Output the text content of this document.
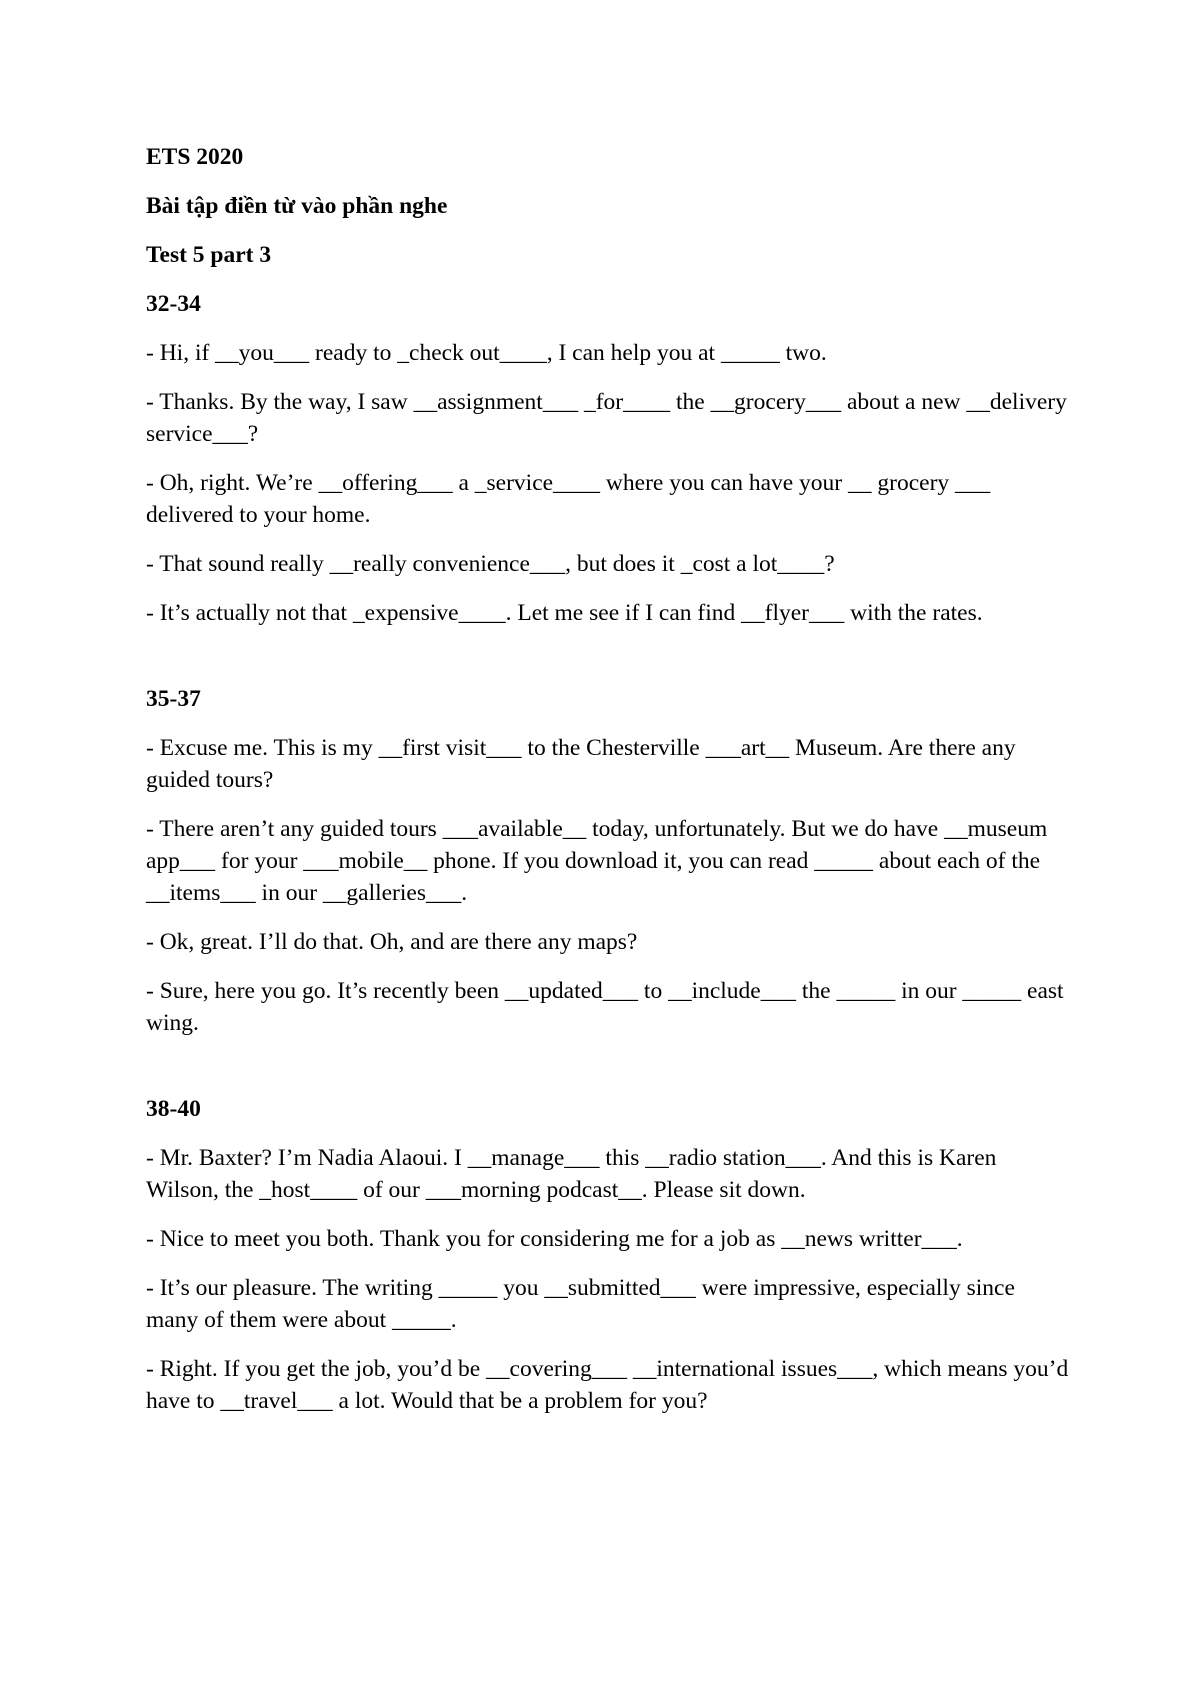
ETS 2020

Bài tập điền từ vào phần nghe

Test 5 part 3

32-34

- Hi, if __you___ ready to _check out____, I can help you at _____ two.

- Thanks. By the way, I saw __assignment___ _for____ the __grocery___ about a new __delivery service___?

- Oh, right. We’re __offering___ a _service____ where you can have your __ grocery ___ delivered to your home.

- That sound really __really convenience___, but does it _cost a lot____?

- It’s actually not that _expensive____. Let me see if I can find __flyer___ with the rates.

35-37

- Excuse me. This is my __first visit___ to the Chesterville ___art__ Museum. Are there any guided tours?

- There aren’t any guided tours ___available__ today, unfortunately. But we do have __museum app___ for your ___mobile__ phone. If you download it, you can read _____ about each of the __items___ in our __galleries___.

- Ok, great. I’ll do that. Oh, and are there any maps?

- Sure, here you go. It’s recently been __updated___ to __include___ the _____ in our _____ east wing.

38-40

- Mr. Baxter? I’m Nadia Alaoui. I __manage___ this __radio station___. And this is Karen Wilson, the _host____ of our ___morning podcast__. Please sit down.

- Nice to meet you both. Thank you for considering me for a job as __news writter___.

- It’s our pleasure. The writing _____ you __submitted___ were impressive, especially since many of them were about _____.

- Right. If you get the job, you’d be __covering___ __international issues___, which means you’d have to __travel___ a lot. Would that be a problem for you?
